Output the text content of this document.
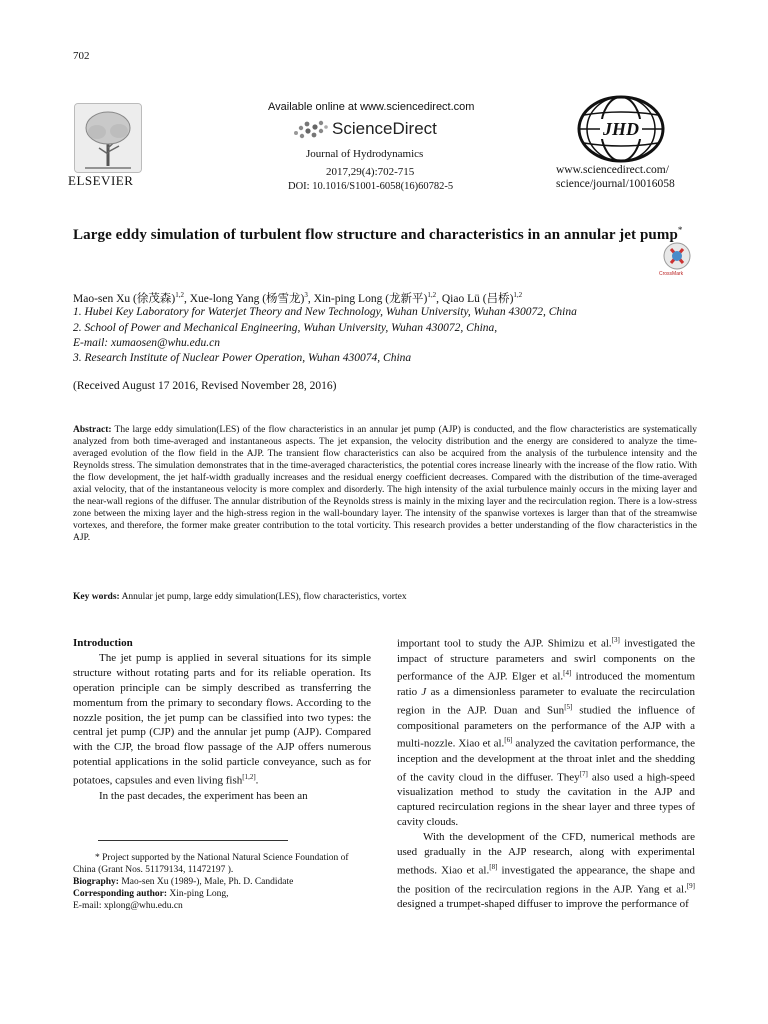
702
ELSEVIER
Available online at www.sciencedirect.com
ScienceDirect
Journal of Hydrodynamics
2017,29(4):702-715
DOI: 10.1016/S1001-6058(16)60782-5
JHD
www.sciencedirect.com/
science/journal/10016058
Large eddy simulation of turbulent flow structure and characteristics in an annular jet pump*
CrossMark
Mao-sen Xu (徐茂森)$^{1,2}$, Xue-long Yang (杨雪龙)$^3$, Xin-ping Long (龙新平)$^{1,2}$, Qiao Lü (吕桥)$^{1,2}$
1. Hubei Key Laboratory for Waterjet Theory and New Technology, Wuhan University, Wuhan 430072, China
2. School of Power and Mechanical Engineering, Wuhan University, Wuhan 430072, China,
E-mail: xumaosen@whu.edu.cn
3. Research Institute of Nuclear Power Operation, Wuhan 430074, China
(Received August 17 2016, Revised November 28, 2016)
Abstract: The large eddy simulation(LES) of the flow characteristics in an annular jet pump (AJP) is conducted, and the flow characteristics are systematically analyzed from both time-averaged and instantaneous aspects. The jet expansion, the velocity distribution and the energy are considered to analyze the time-averaged evolution of the flow field in the AJP. The transient flow characteristics can also be acquired from the analysis of the turbulence intensity and the Reynolds stress. The simulation demonstrates that in the time-averaged characteristics, the potential cores increase linearly with the increase of the flow ratio. With the flow development, the jet half-width gradually increases and the residual energy coefficient decreases. Compared with the distribution of the time-averaged axial velocity, that of the instantaneous velocity is more complex and disorderly. The high intensity of the axial turbulence mainly occurs in the mixing layer and the near-wall regions of the diffuser. The annular distribution of the Reynolds stress is mainly in the mixing layer and the recirculation region. There is a low-stress zone between the mixing layer and the high-stress region in the wall-boundary layer. The intensity of the spanwise vortexes is larger than that of the streamwise vortexes, and therefore, the former make greater contribution to the total vorticity. This research provides a better understanding of the flow characteristics in the AJP.
Key words: Annular jet pump, large eddy simulation(LES), flow characteristics, vortex

Introduction

The jet pump is applied in several situations for its simple structure without rotating parts and for its reliable operation. Its operation principle can be simply described as transferring the momentum from the primary to secondary flows. According to the nozzle position, the jet pump can be classified into two types: the central jet pump (CJP) and the annular jet pump (AJP). Compared with the CJP, the broad flow passage of the AJP offers numerous potential applications in the solid particle conveyance, such as for potatoes, capsules and even living fish[1,2].

In the past decades, the experiment has been an

* Project supported by the National Natural Science Foundation of China (Grant Nos. 51179134, 11472197 ).

Biography: Mao-sen Xu (1989-), Male, Ph. D. Candidate

Corresponding author: Xin-ping Long,

E-mail: xplong@whu.edu.cn

important tool to study the AJP. Shimizu et al.[3] investigated the impact of structure parameters and swirl components on the performance of the AJP. Elger et al.[4] introduced the momentum ratio J as a dimensionless parameter to evaluate the recirculation region in the AJP. Duan and Sun[5] studied the influence of compositional parameters on the performance of the AJP with a multi-nozzle. Xiao et al.[6] analyzed the cavitation performance, the inception and the development at the throat inlet and the shedding of the cavity cloud in the diffuser. They[7] also used a high-speed visualization method to study the cavitation in the AJP and captured recirculation regions in the shear layer and three types of cavity clouds.

With the development of the CFD, numerical methods are used gradually in the AJP research, along with experimental methods. Xiao et al.[8] investigated the appearance, the shape and the position of the recirculation regions in the AJP. Yang et al.[9] designed a trumpet-shaped diffuser to improve the performance of
